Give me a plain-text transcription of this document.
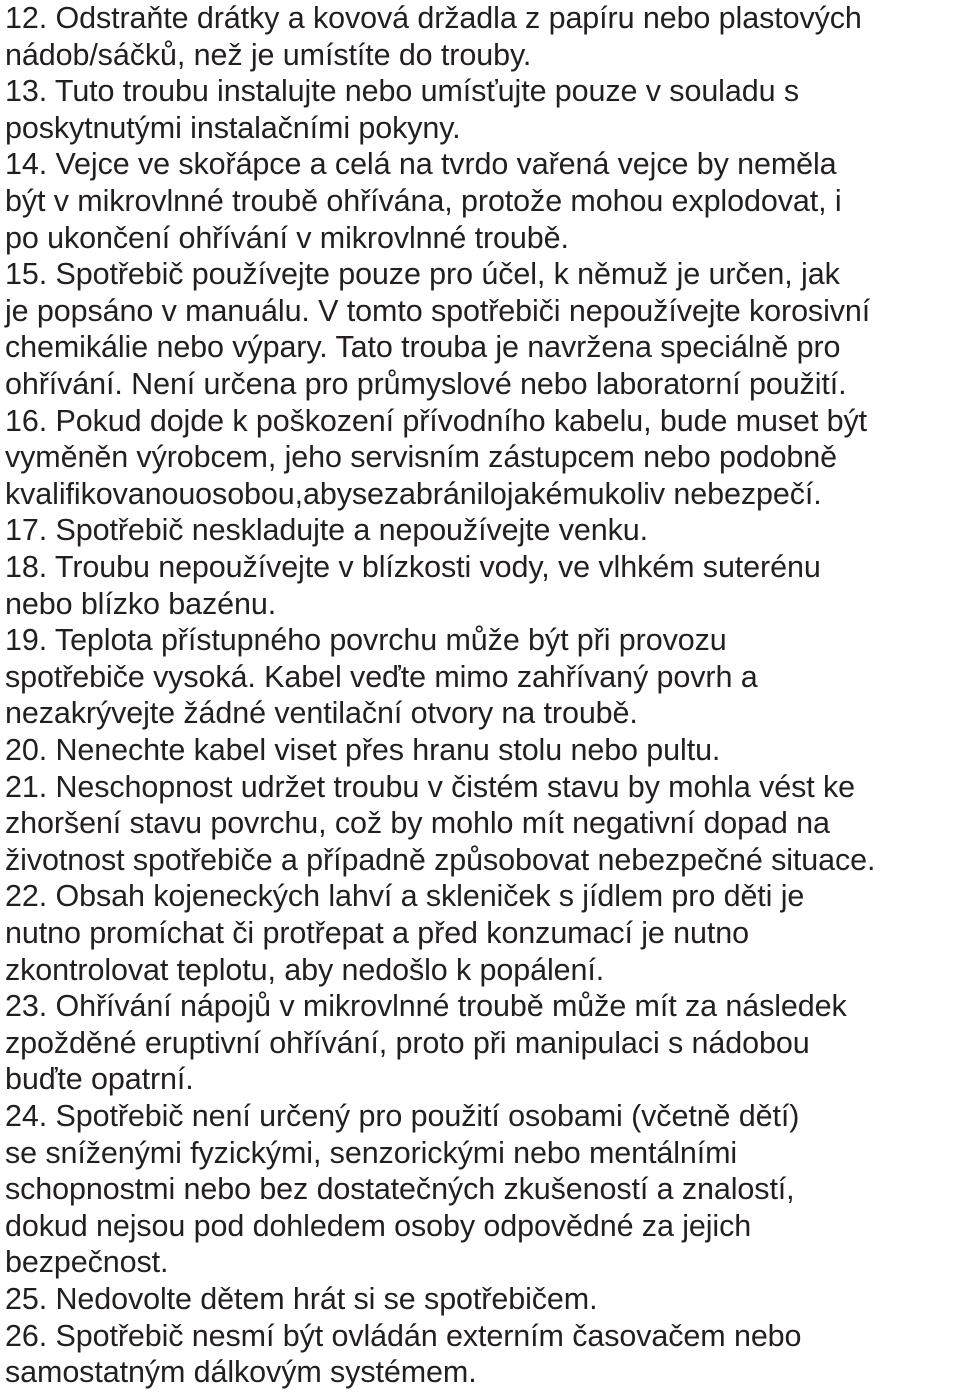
12. Odstraňte drátky a kovová držadla z papíru nebo plastových
nádob/sáčků, než je umístíte do trouby.
13. Tuto troubu instalujte nebo umísťujte pouze v souladu s
poskytnutými instalačními pokyny.
14. Vejce ve skořápce a celá na tvrdo vařená vejce by neměla
být v mikrovlnné troubě ohřívána, protože mohou explodovat, i
po ukončení ohřívání v mikrovlnné troubě.
15. Spotřebič používejte pouze pro účel, k němuž je určen, jak
je popsáno v manuálu. V tomto spotřebiči nepoužívejte korosivní
chemikálie nebo výpary. Tato trouba je navržena speciálně pro
ohřívání. Není určena pro průmyslové nebo laboratorní použití.
16. Pokud dojde k poškození přívodního kabelu, bude muset být
vyměněn výrobcem, jeho servisním zástupcem nebo podobně
kvalifikovanouosobou,abysezabránilojakémukoliv nebezpečí.
17. Spotřebič neskladujte a nepoužívejte venku.
18. Troubu nepoužívejte v blízkosti vody, ve vlhkém suterénu
nebo blízko bazénu.
19. Teplota přístupného povrchu může být při provozu
spotřebiče vysoká. Kabel veďte mimo zahřívaný povrh a
nezakrývejte žádné ventilační otvory na troubě.
20. Nenechte kabel viset přes hranu stolu nebo pultu.
21. Neschopnost udržet troubu v čistém stavu by mohla vést ke
zhoršení stavu povrchu, což by mohlo mít negativní dopad na
životnost spotřebiče a případně způsobovat nebezpečné situace.
22. Obsah kojeneckých lahví a skleniček s jídlem pro děti je
nutno promíchat či protřepat a před konzumací je nutno
zkontrolovat teplotu, aby nedošlo k popálení.
23. Ohřívání nápojů v mikrovlnné troubě může mít za následek
zpožděné eruptivní ohřívání, proto při manipulaci s nádobou
buďte opatrní.
24. Spotřebič není určený pro použití osobami (včetně dětí)
se sníženými fyzickými, senzorickými nebo mentálními
schopnostmi nebo bez dostatečných zkušeností a znalostí,
dokud nejsou pod dohledem osoby odpovědné za jejich
bezpečnost.
25. Nedovolte dětem hrát si se spotřebičem.
26. Spotřebič nesmí být ovládán externím časovačem nebo
samostatným dálkovým systémem.
